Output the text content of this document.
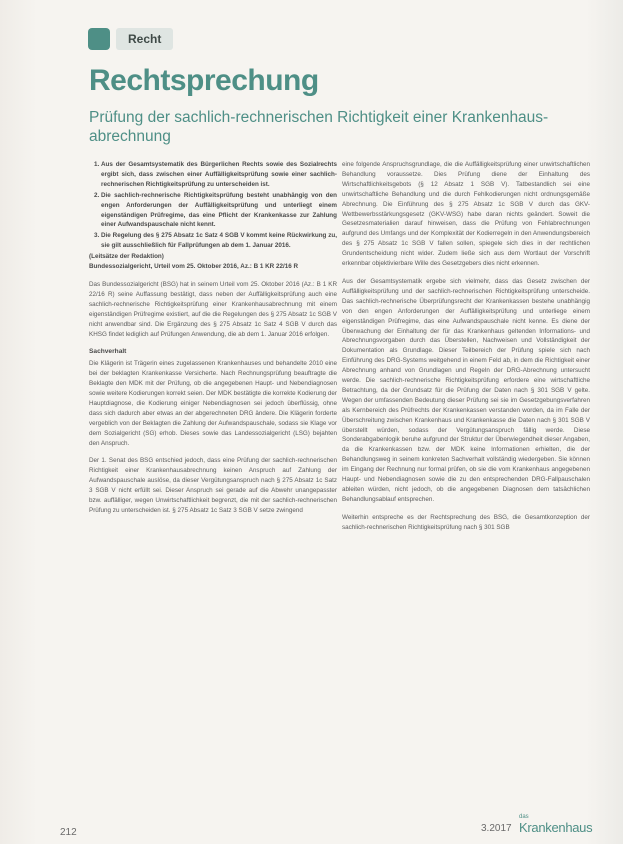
Recht
Rechtsprechung
Prüfung der sachlich-rechnerischen Richtigkeit einer Krankenhaus-abrechnung
1. Aus der Gesamtsystematik des Bürgerlichen Rechts sowie des Sozialrechts ergibt sich, dass zwischen einer Auffälligkeitsprüfung sowie einer sachlich-rechnerischen Richtigkeitsprüfung zu unterscheiden ist.
2. Die sachlich-rechnerische Richtigkeitsprüfung besteht unabhängig von den engen Anforderungen der Auffälligkeitsprüfung und unterliegt einem eigenständigen Prüfregime, das eine Pflicht der Krankenkasse zur Zahlung einer Aufwandspauschale nicht kennt.
3. Die Regelung des § 275 Absatz 1c Satz 4 SGB V kommt keine Rückwirkung zu, sie gilt ausschließlich für Fallprüfungen ab dem 1. Januar 2016.

(Leitsätze der Redaktion)

Bundessozialgericht, Urteil vom 25. Oktober 2016, Az.: B 1 KR 22/16 R

Das Bundessozialgericht (BSG) hat in seinem Urteil vom 25. Oktober 2016 (Az.: B 1 KR 22/16 R) seine Auffassung bestätigt, dass neben der Auffälligkeitsprüfung auch eine sachlich-rechnerische Richtigkeitsprüfung einer Krankenhausabrechnung mit einem eigenständigen Prüfregime existiert, auf die die Regelungen des § 275 Absatz 1c SGB V nicht anwendbar sind. Die Ergänzung des § 275 Absatz 1c Satz 4 SGB V durch das KHSG findet lediglich auf Prüfungen Anwendung, die ab dem 1. Januar 2016 erfolgen.

Sachverhalt

Die Klägerin ist Trägerin eines zugelassenen Krankenhauses und behandelte 2010 eine bei der beklagten Krankenkasse Versicherte. Nach Rechnungsprüfung beauftragte die Beklagte den MDK mit der Prüfung, ob die angegebenen Haupt- und Nebendiagnosen sowie weitere Kodierungen korrekt seien. Der MDK bestätigte die korrekte Kodierung der Hauptdiagnose, die Kodierung einiger Nebendiagnosen sei jedoch überflüssig, ohne dass sich dadurch aber etwas an der abgerechneten DRG ändere. Die Klägerin forderte vergeblich von der Beklagten die Zahlung der Aufwandspauschale, sodass sie Klage vor dem Sozialgericht (SG) erhob. Dieses sowie das Landessozialgericht (LSG) bejahten den Anspruch.

Der 1. Senat des BSG entschied jedoch, dass eine Prüfung der sachlich-rechnerischen Richtigkeit einer Krankenhausabrechnung keinen Anspruch auf Zahlung der Aufwandspauschale auslöse, da dieser Vergütungsanspruch nach § 275 Absatz 1c Satz 3 SGB V nicht erfüllt sei. Dieser Anspruch sei gerade auf die Abwehr unangepasster bzw. auffälliger, wegen Unwirtschaftlichkeit begrenzt, die mit der sachlich-rechnerischen Prüfung zu unterscheiden ist. § 275 Absatz 1c Satz 3 SGB V setze zwingend

eine folgende Anspruchsgrundlage, die die Auffälligkeitsprüfung einer unwirtschaftlichen Behandlung voraussetze. Dies Prüfung diene der Einhaltung des Wirtschaftlichkeitsgebots (§ 12 Absatz 1 SGB V). Tatbestandlich sei eine unwirtschaftliche Behandlung und die durch Fehlkodierungen nicht ordnungsgemäße Abrechnung. Die Einführung des § 275 Absatz 1c SGB V durch das GKV-Wettbewerbsstärkungsgesetz (GKV-WSG) habe daran nichts geändert. Soweit die Gesetzesmaterialien darauf hinweisen, dass die Prüfung von Fehlabrechnungen aufgrund des Umfangs und der Komplexität der Kodierregeln in den Anwendungsbereich des § 275 Absatz 1c SGB V fallen sollen, spiegele sich dies in der rechtlichen Grundentscheidung nicht wider. Zudem ließe sich aus dem Wortlaut der Vorschrift erkennbar objektivierbare Wille des Gesetzgebers dies nicht erkennen.

Aus der Gesamtsystematik ergebe sich vielmehr, dass das Gesetz zwischen der Auffälligkeitsprüfung und der sachlich-rechnerischen Richtigkeitsprüfung unterscheide. Das sachlich-rechnerische Überprüfungsrecht der Krankenkassen bestehe unabhängig von den engen Anforderungen der Auffälligkeitsprüfung und unterliege einem eigenständigen Prüfregime, das eine Aufwandspauschale nicht kenne. Es diene der Überwachung der Einhaltung der für das Krankenhaus geltenden Informations- und Abrechnungsvorgaben durch das Überstellen, Nachweisen und Vollständigkeit der Dokumentation als Grundlage. Dieser Teilbereich der Prüfung spiele sich nach Einführung des DRG-Systems weitgehend in einem Feld ab, in dem die Richtigkeit einer Abrechnung anhand von Grundlagen und Regeln der DRG-Abrechnung untersucht werde. Die sachlich-rechnerische Richtigkeitsprüfung erfordere eine wirtschaftliche Betrachtung, da der Grundsatz für die Prüfung der Daten nach § 301 SGB V gelte. Wegen der umfassenden Bedeutung dieser Prüfung sei sie im Gesetzgebungsverfahren als Kernbereich des Prüfrechts der Krankenkassen verstanden worden, da im Falle der Überschreitung zwischen Krankenhaus und Krankenkasse die Daten nach § 301 SGB V überstellt würden, sodass der Vergütungsanspruch fällig werde. Diese Sonderabgabenlogik beruhe aufgrund der Struktur der Überwiegendheit dieser Angaben, da die Krankenkassen bzw. der MDK keine Informationen erhielten, die der Behandlungsweg in seinem konkreten Sachverhalt vollständig wiedergeben. Sie können im Eingang der Rechnung nur formal prüfen, ob sie die vom Krankenhaus angegebenen Haupt- und Nebendiagnosen sowie die zu den entsprechenden DRG-Fallpauschalen ableiten würden, nicht jedoch, ob die angegebenen Diagnosen dem tatsächlichen Behandlungsablauf entsprechen.

Weiterhin entspreche es der Rechtsprechung des BSG, die Gesamtkonzeption der sachlich-rechnerischen Richtigkeitsprüfung nach § 301 SGB

212	3.2017
das
Krankenhaus
